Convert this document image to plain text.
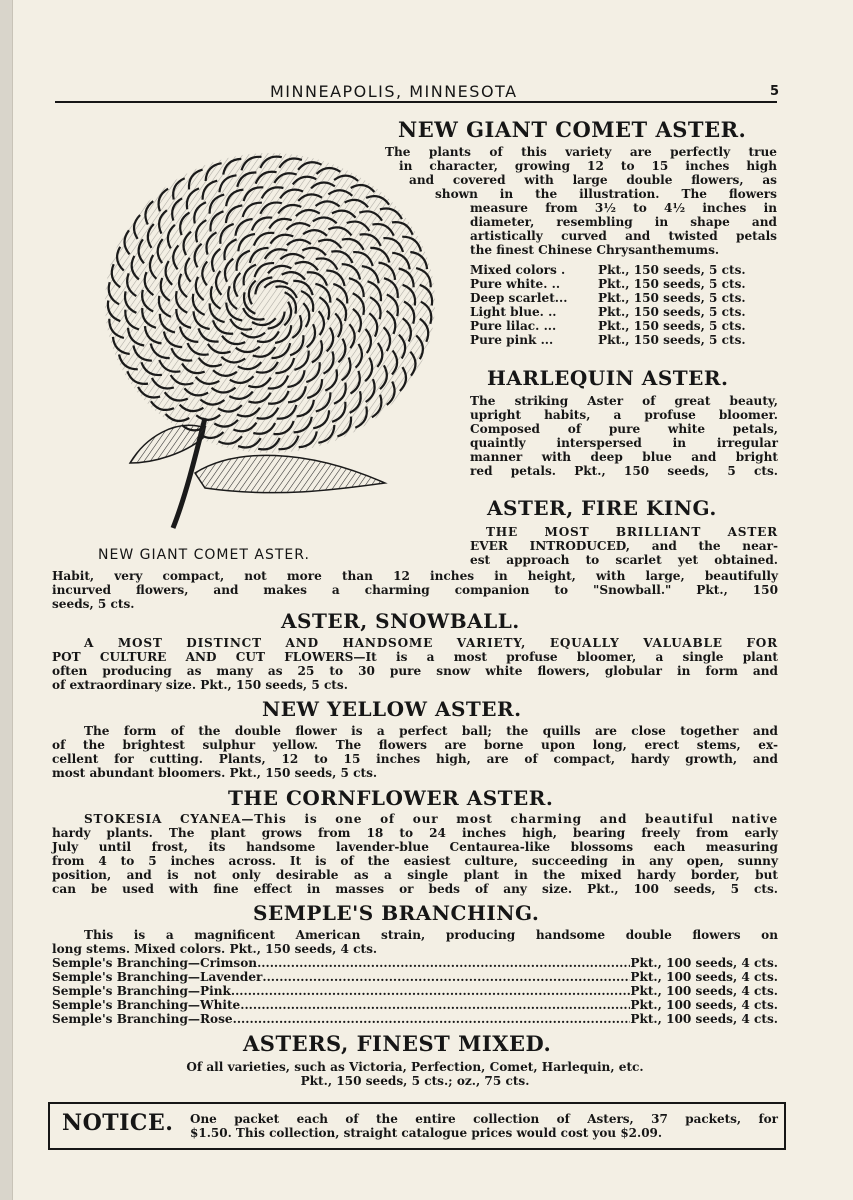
MINNEAPOLIS, MINNESOTA	5
NEW GIANT COMET ASTER.

The plants of this variety are perfectly true

in character, growing 12 to 15 inches high

and covered with large double flowers, as

shown in the illustration. The flowers

measure from 3½ to 4½ inches in

diameter, resembling in shape and

artistically curved and twisted petals

the finest Chinese Chrysanthemums.

Mixed colors .	Pkt., 150 seeds, 5 cts.
Pure white. ..	Pkt., 150 seeds, 5 cts.
Deep scarlet...	Pkt., 150 seeds, 5 cts.
Light blue. ..	Pkt., 150 seeds, 5 cts.
Pure lilac. ...	Pkt., 150 seeds, 5 cts.
Pure pink ...	Pkt., 150 seeds, 5 cts.
HARLEQUIN ASTER.

The striking Aster of great beauty,

upright habits, a profuse bloomer.

Composed of pure white petals,

quaintly interspersed in irregular

manner with deep blue and bright

red petals. Pkt., 150 seeds, 5 cts.

ASTER, FIRE KING.

THE MOST BRILLIANT ASTER

EVER INTRODUCED, and the near-

est approach to scarlet yet obtained.

NEW GIANT COMET ASTER.

Habit, very compact, not more than 12 inches in height, with large, beautifully

incurved flowers, and makes a charming companion to "Snowball." Pkt., 150

seeds, 5 cts.

ASTER, SNOWBALL.

A MOST DISTINCT AND HANDSOME VARIETY, EQUALLY VALUABLE FOR

POT CULTURE AND CUT FLOWERS—It is a most profuse bloomer, a single plant

often producing as many as 25 to 30 pure snow white flowers, globular in form and

of extraordinary size. Pkt., 150 seeds, 5 cts.

NEW YELLOW ASTER.

The form of the double flower is a perfect ball; the quills are close together and

of the brightest sulphur yellow. The flowers are borne upon long, erect stems, ex-

cellent for cutting. Plants, 12 to 15 inches high, are of compact, hardy growth, and

most abundant bloomers. Pkt., 150 seeds, 5 cts.

THE CORNFLOWER ASTER.

STOKESIA CYANEA—This is one of our most charming and beautiful native

hardy plants. The plant grows from 18 to 24 inches high, bearing freely from early

July until frost, its handsome lavender-blue Centaurea-like blossoms each measuring

from 4 to 5 inches across. It is of the easiest culture, succeeding in any open, sunny

position, and is not only desirable as a single plant in the mixed hardy border, but

can be used with fine effect in masses or beds of any size. Pkt., 100 seeds, 5 cts.

SEMPLE'S BRANCHING.

This is a magnificent American strain, producing handsome double flowers on

long stems. Mixed colors. Pkt., 150 seeds, 4 cts.

Semple's Branching—Crimson .....	Pkt., 100 seeds, 4 cts.
Semple's Branching—Lavender .....	Pkt., 100 seeds, 4 cts.
Semple's Branching—Pink .....	Pkt., 100 seeds, 4 cts.
Semple's Branching—White .....	Pkt., 100 seeds, 4 cts.
Semple's Branching—Rose .....	Pkt., 100 seeds, 4 cts.
ASTERS, FINEST MIXED.

Of all varieties, such as Victoria, Perfection, Comet, Harlequin, etc.

Pkt., 150 seeds, 5 cts.; oz., 75 cts.

NOTICE. One packet each of the entire collection of Asters, 37 packets, for

$1.50. This collection, straight catalogue prices would cost you $2.09.
